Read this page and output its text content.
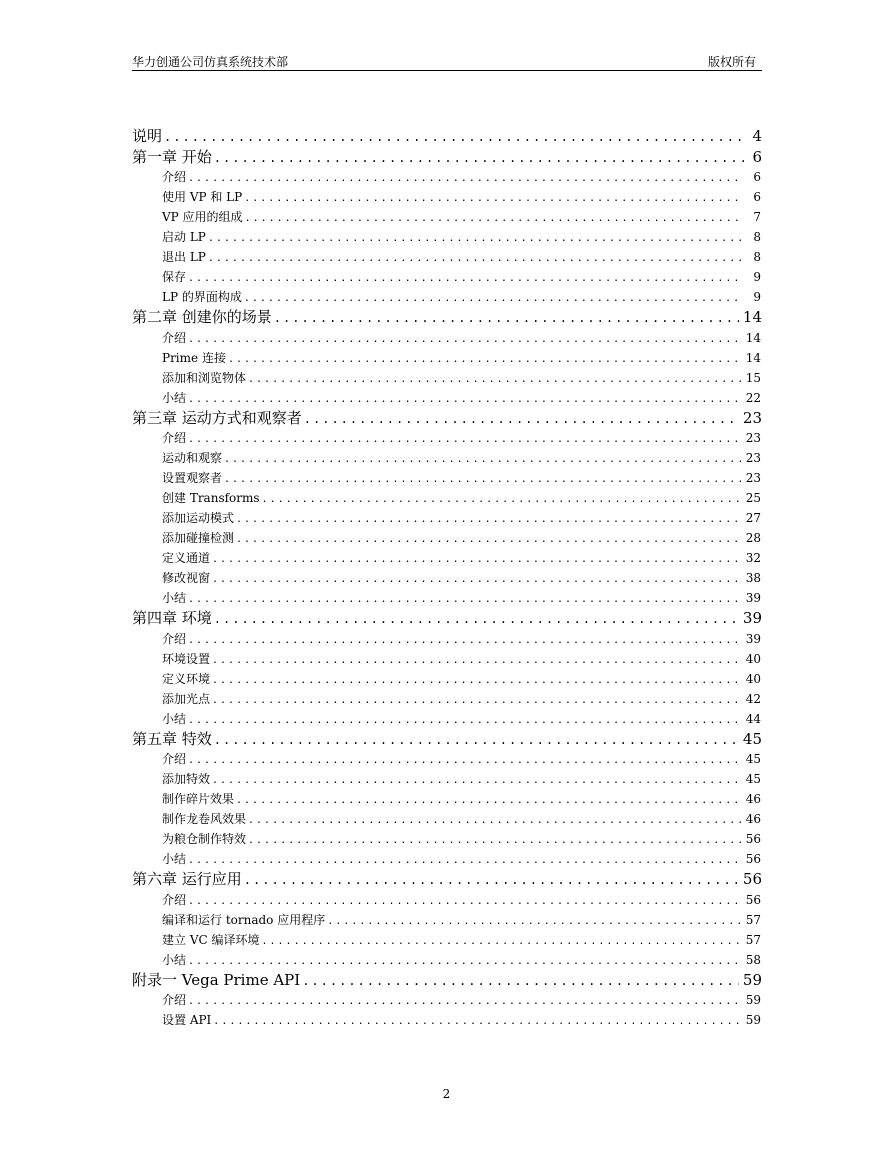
华力创通公司仿真系统技术部	版权所有
说明 .....	4
第一章 开始 .....	6
介绍 .....	6
使用 VP 和 LP .....	6
VP 应用的组成 .....	7
启动 LP .....	8
退出 LP .....	8
保存 .....	9
LP 的界面构成 .....	9
第二章 创建你的场景 .....	14
介绍 .....	14
Prime 连接 .....	14
添加和浏览物体 .....	15
小结 .....	22
第三章 运动方式和观察者 .....	23
介绍 .....	23
运动和观察 .....	23
设置观察者 .....	23
创建 Transforms .....	25
添加运动模式 .....	27
添加碰撞检测 .....	28
定义通道 .....	32
修改视窗 .....	38
小结 .....	39
第四章 环境 .....	39
介绍 .....	39
环境设置 .....	40
定义环境 .....	40
添加光点 .....	42
小结 .....	44
第五章 特效 .....	45
介绍 .....	45
添加特效 .....	45
制作碎片效果 .....	46
制作龙卷风效果 .....	46
为粮仓制作特效 .....	56
小结 .....	56
第六章 运行应用 .....	56
介绍 .....	56
编译和运行 tornado 应用程序 .....	57
建立 VC 编译环境 .....	57
小结 .....	58
附录一 Vega Prime API .....	59
介绍 .....	59
设置 API .....	59
2
